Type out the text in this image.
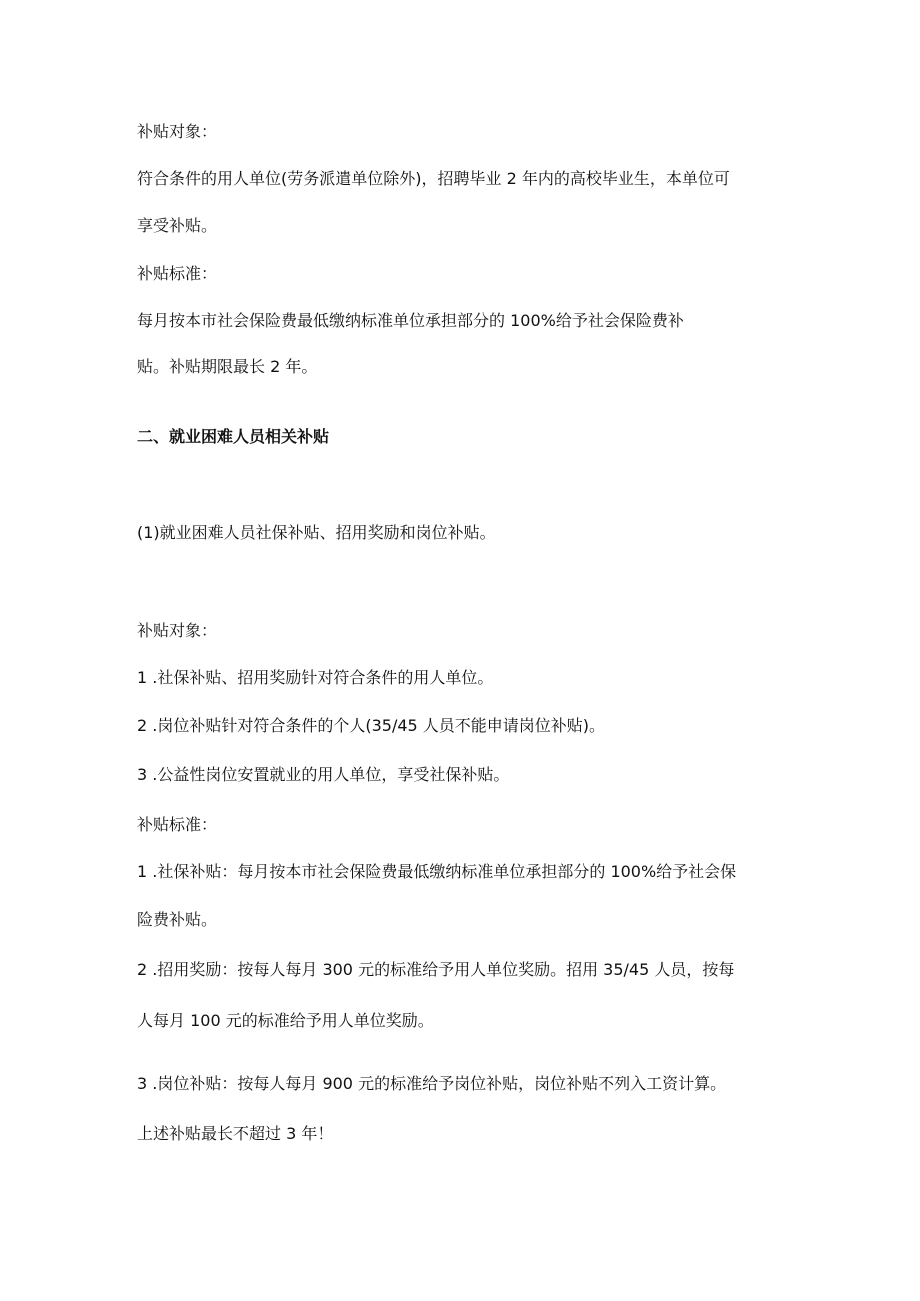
补贴对象：
符合条件的用人单位(劳务派遣单位除外)，招聘毕业 2 年内的高校毕业生，本单位可
享受补贴。
补贴标准：
每月按本市社会保险费最低缴纳标准单位承担部分的 100%给予社会保险费补
贴。补贴期限最长 2 年。
二、就业困难人员相关补贴
(1)就业困难人员社保补贴、招用奖励和岗位补贴。
补贴对象：
1 .社保补贴、招用奖励针对符合条件的用人单位。
2 .岗位补贴针对符合条件的个人(35/45 人员不能申请岗位补贴)。
3 .公益性岗位安置就业的用人单位，享受社保补贴。
补贴标准：
1 .社保补贴：每月按本市社会保险费最低缴纳标准单位承担部分的 100%给予社会保
险费补贴。
2 .招用奖励：按每人每月 300 元的标准给予用人单位奖励。招用 35/45 人员，按每
人每月 100 元的标准给予用人单位奖励。
3 .岗位补贴：按每人每月 900 元的标准给予岗位补贴，岗位补贴不列入工资计算。
上述补贴最长不超过 3 年！
